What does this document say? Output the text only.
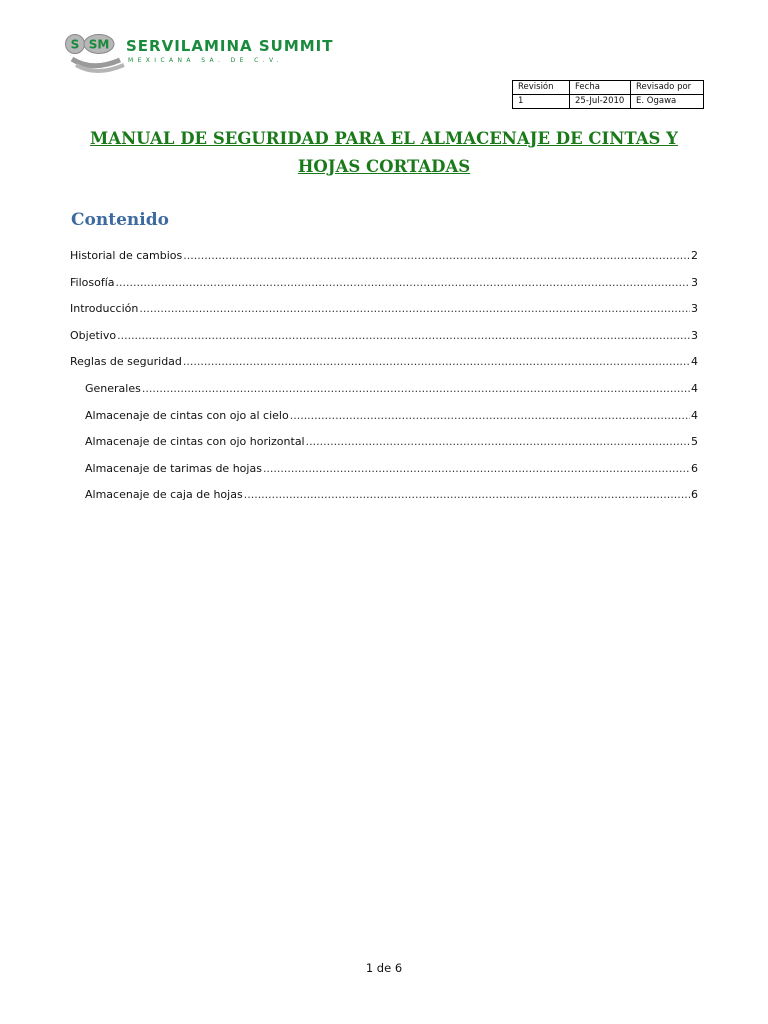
S SM SERVILAMINA SUMMIT
MEXICANA SA. DE C.V.
Revisión	Fecha	Revisado por
1	25-Jul-2010	E. Ogawa
MANUAL DE SEGURIDAD PARA EL ALMACENAJE DE CINTAS Y HOJAS CORTADAS
Contenido
Historial de cambios .....	2
Filosofía .....	3
Introducción .....	3
Objetivo .....	3
Reglas de seguridad .....	4
Generales .....	4
Almacenaje de cintas con ojo al cielo .....	4
Almacenaje de cintas con ojo horizontal .....	5
Almacenaje de tarimas de hojas .....	6
Almacenaje de caja de hojas .....	6
1 de 6
